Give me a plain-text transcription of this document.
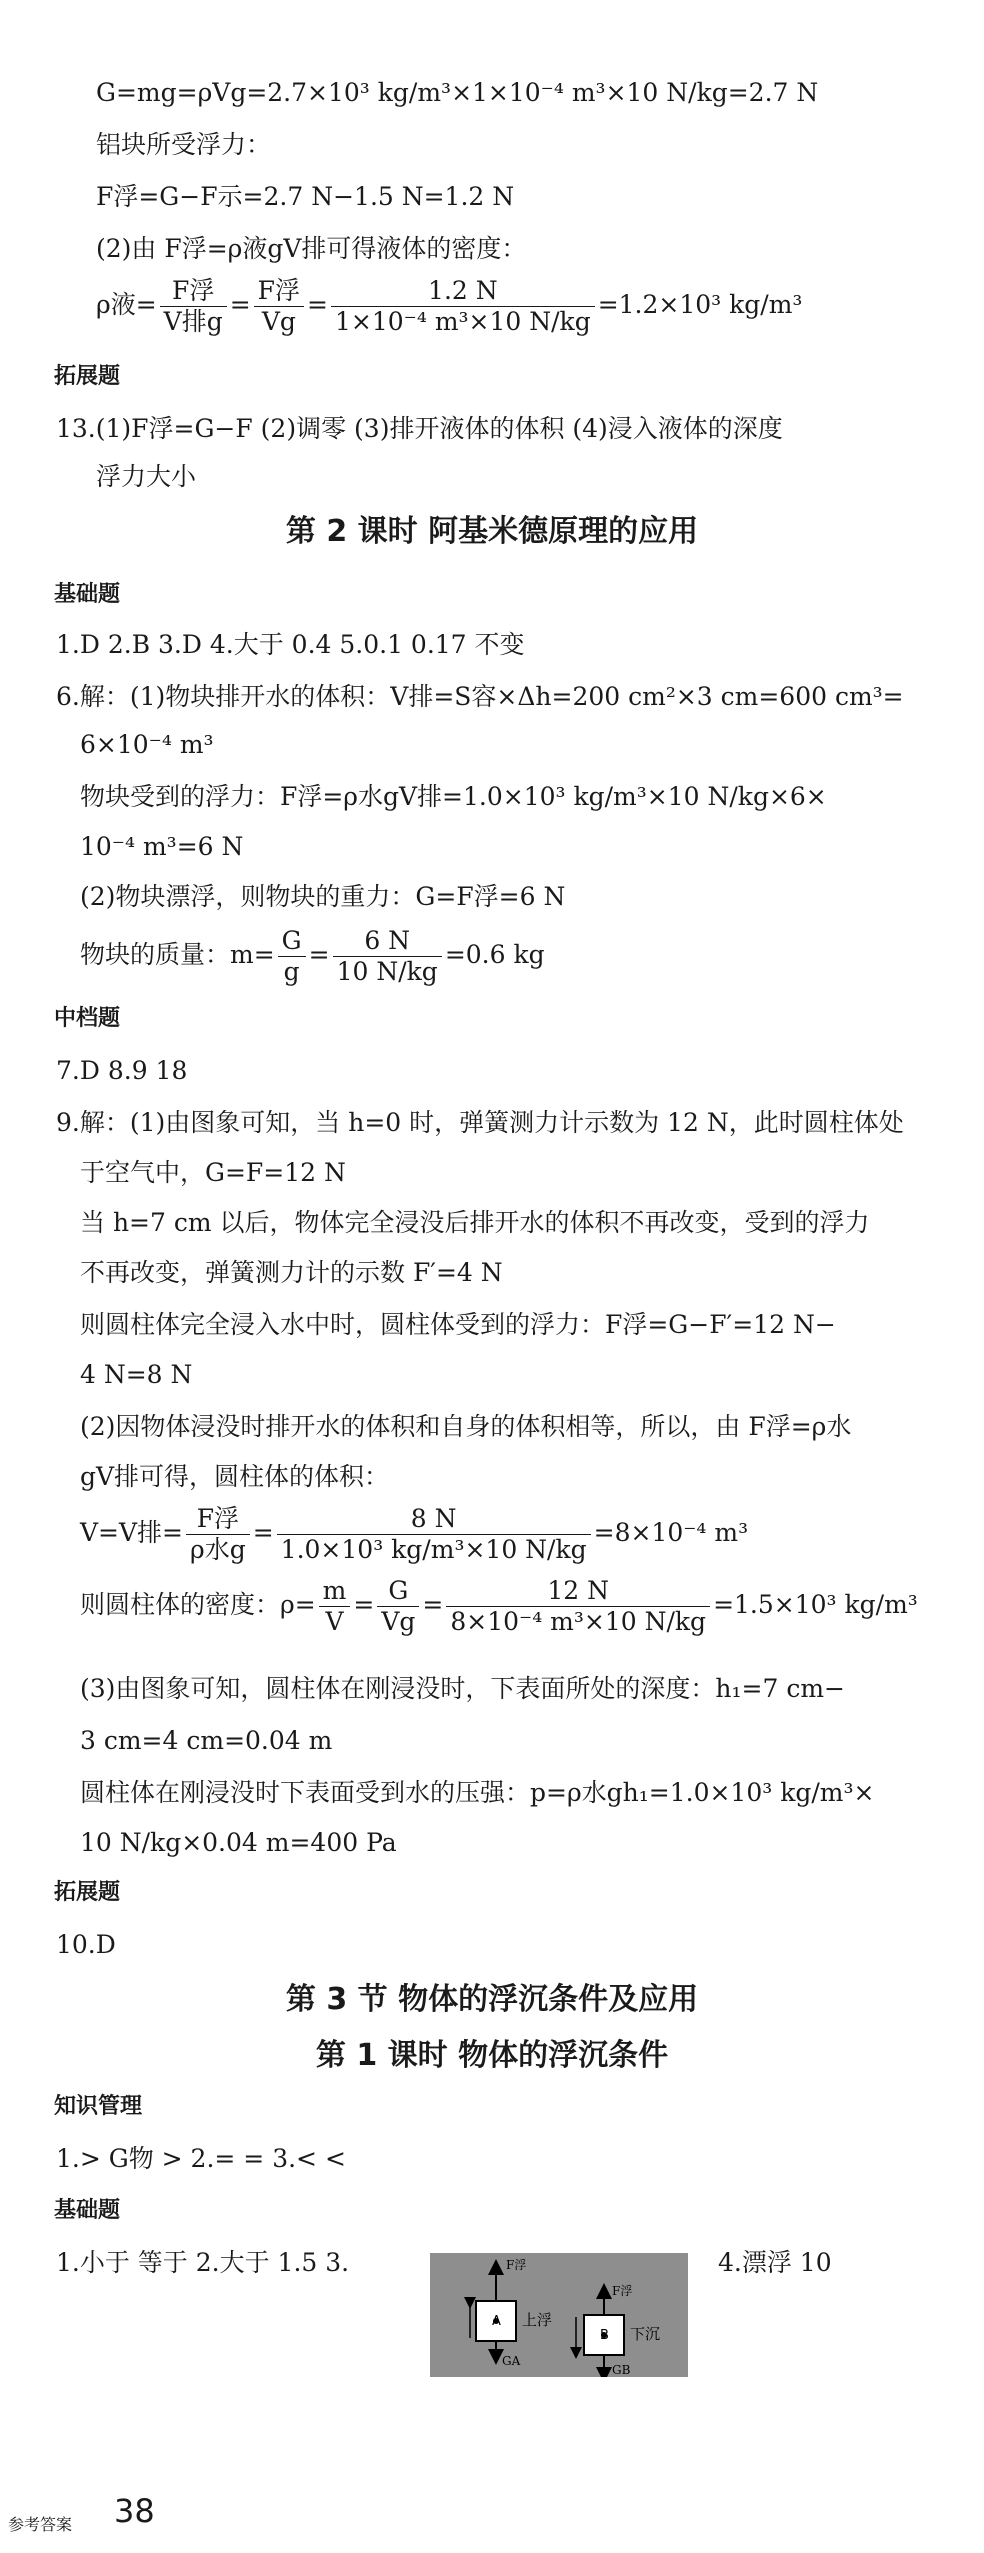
G=mg=ρVg=2.7×10³ kg/m³×1×10⁻⁴ m³×10 N/kg=2.7 N
铝块所受浮力：
F浮=G−F示=2.7 N−1.5 N=1.2 N
(2)由 F浮=ρ液gV排可得液体的密度：
ρ液= $\frac{\text{F浮}}{\text{V排g}} = \frac{\text{F浮}}{Vg} = \frac{1.2 N}{\text{1×10⁻⁴ m³×10 N/kg}} =1.2\times 10^3$ kg/m³
拓展题
13.(1)F浮=G−F (2)调零 (3)排开液体的体积 (4)浸入液体的深度
浮力大小
第 2 课时 阿基米德原理的应用
基础题
1.D 2.B 3.D 4.大于 0.4 5.0.1 0.17 不变
6.解：(1)物块排开水的体积：V排=S容×Δh=200 cm²×3 cm=600 cm³=
6×10⁻⁴ m³
物块受到的浮力：F浮=ρ水gV排=1.0×10³ kg/m³×10 N/kg×6×
10⁻⁴ m³=6 N
(2)物块漂浮，则物块的重力：G=F浮=6 N
物块的质量：$m= \frac{G}{g} = \frac{6 N}{10 N/kg} =0.6$ kg
中档题
7.D 8.9 18
9.解：(1)由图象可知，当 h=0 时，弹簧测力计示数为 12 N，此时圆柱体处
于空气中，G=F=12 N
当 h=7 cm 以后，物体完全浸没后排开水的体积不再改变，受到的浮力
不再改变，弹簧测力计的示数 F′=4 N
则圆柱体完全浸入水中时，圆柱体受到的浮力：F浮=G−F′=12 N−
4 N=8 N
(2)因物体浸没时排开水的体积和自身的体积相等，所以，由 F浮=ρ水
gV排可得，圆柱体的体积：
V=V排= $\frac{\text{F浮}}{\text{ρ水g}} = \frac{8 N}{\text{1.0×10³ kg/m³×10 N/kg}} =8\times 10^{-4}$ m³
则圆柱体的密度：$\rho= \frac{m}{V} = \frac{G}{Vg} = \frac{12 N}{\text{8×10⁻⁴ m³×10 N/kg}} =1.5\times 10^3$ kg/m³
(3)由图象可知，圆柱体在刚浸没时，下表面所处的深度：h₁=7 cm−
3 cm=4 cm=0.04 m
圆柱体在刚浸没时下表面受到水的压强：p=ρ水gh₁=1.0×10³ kg/m³×
10 N/kg×0.04 m=400 Pa
拓展题
10.D
第 3 节 物体的浮沉条件及应用
第 1 课时 物体的浮沉条件
知识管理
1.> G物 > 2.= = 3.< <
基础题
1.小于 等于 2.大于 1.5 3.	4.漂浮 10
F浮
A 上浮
GA
F浮
B 下沉
GB
参考答案 38
